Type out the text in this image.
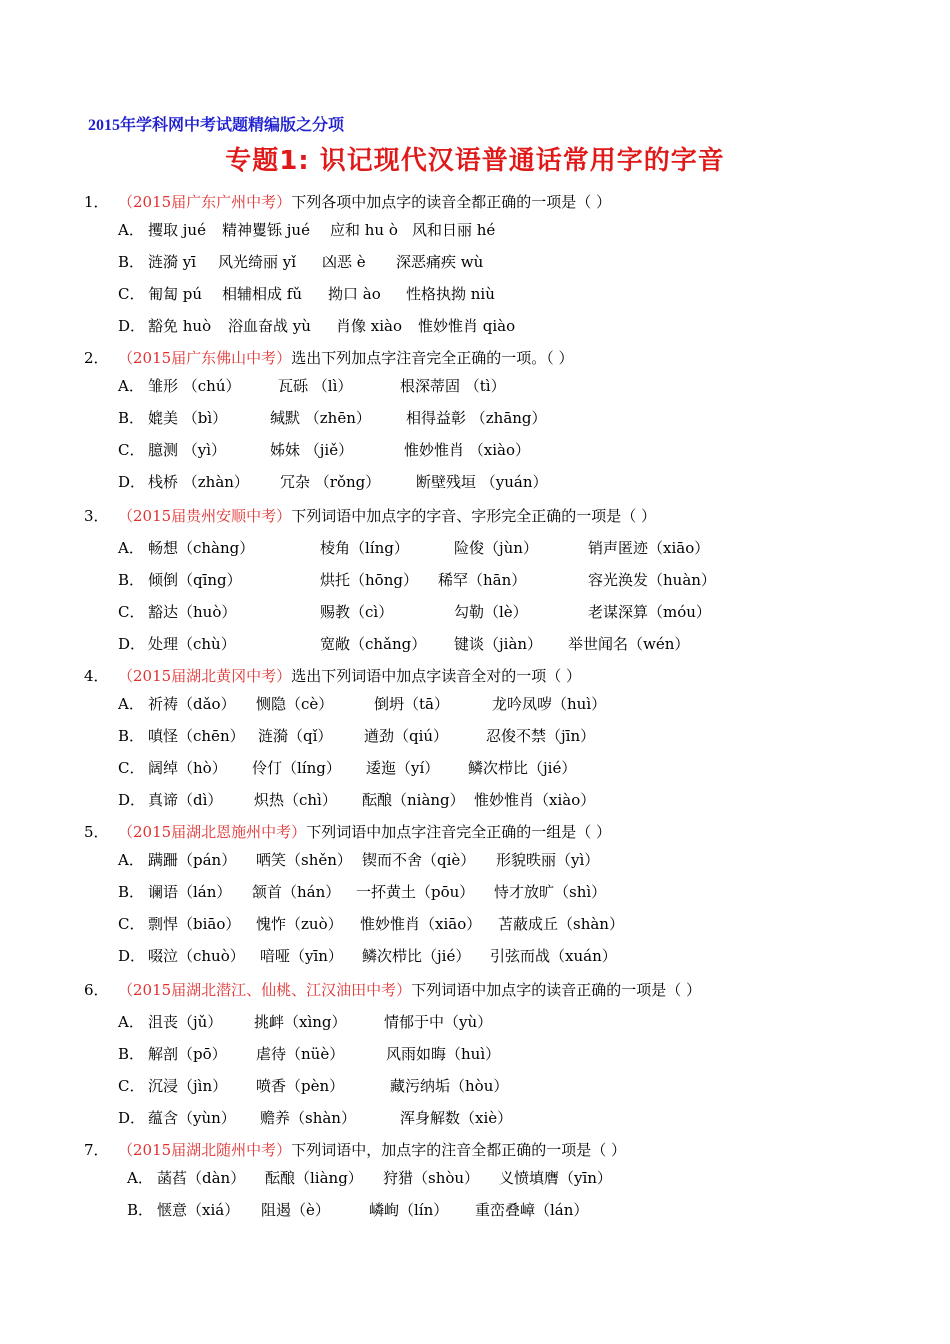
2015年学科网中考试题精编版之分项
专题1: 识记现代汉语普通话常用字的字音
1． （2015届广东广州中考）下列各项中加点字的读音全都正确的一项是（ ）
A． 攫取 jué 精神矍铄 jué 应和 hu ò 风和日丽 hé
B． 涟漪 yī 风光绮丽 yǐ 凶恶 è 深恶痛疾 wù
C． 匍匐 pú 相辅相成 fǔ 拗口 ào 性格执拗 niù
D． 豁免 huò 浴血奋战 yù 肖像 xiào 惟妙惟肖 qiào
2． （2015届广东佛山中考）选出下列加点字注音完全正确的一项。（ ）
A． 雏形 （chú）	瓦砾 （lì）	根深蒂固 （tì）
B． 媲美 （bì）	缄默 （zhēn） 相得益彰 （zhāng）
C． 臆测 （yì）	姊妹 （jiě）	惟妙惟肖 （xiào）
D． 栈桥 （zhàn） 冗杂 （rǒng） 断壁残垣 （yuán）
3． （2015届贵州安顺中考）下列词语中加点字的字音、字形完全正确的一项是（ ）
A． 畅想（chàng）	棱角（líng）	险俊（jùn）	销声匿迹（xiāo）
B． 倾倒（qīng）	烘托（hōng） 稀罕（hān）	容光涣发（huàn）
C． 豁达（huò）	赐教（cì）	勾勒（lè）	老谋深算（móu）
D． 处理（chù）	宽敞（chǎng） 键谈（jiàn） 举世闻名（wén）
4． （2015届湖北黄冈中考）选出下列词语中加点字读音全对的一项（ ）
A． 祈祷（dǎo） 恻隐（cè）	倒坍（tā）	龙吟凤哕（huì）
B． 嗔怪（chēn） 涟漪（qǐ） 遒劲（qiú）	忍俊不禁（jīn）
C． 阔绰（hò） 伶仃（líng） 逶迤（yí） 鳞次栉比（jié）
D． 真谛（dì） 炽热（chì） 酝酿（niàng） 惟妙惟肖（xiào）
5． （2015届湖北恩施州中考）下列词语中加点字注音完全正确的一组是（ ）
A． 蹒跚（pán） 哂笑（shěn） 锲而不舍（qiè） 形貌昳丽（yì）
B． 谰语（lán） 颔首（hán） 一抔黄土（pōu） 恃才放旷（shì）
C． 剽悍（biāo） 愧怍（zuò） 惟妙惟肖（xiāo） 苫蔽成丘（shàn）
D． 啜泣（chuò） 喑哑（yīn） 鳞次栉比（jié） 引弦而战（xuán）
6． （2015届湖北潜江、仙桃、江汉油田中考）下列词语中加点字的读音正确的一项是（ ）
A． 沮丧（jǔ） 挑衅（xìng） 情郁于中（yù）
B． 解剖（pō） 虐待（nüè）	风雨如晦（huì）
C． 沉浸（jìn） 喷香（pèn）	藏污纳垢（hòu）
D． 蕴含（yùn） 赡养（shàn）	浑身解数（xiè）
7． （2015届湖北随州中考）下列词语中，加点字的注音全都正确的一项是（ ）
A． 菡萏（dàn） 酝酿（liàng） 狩猎（shòu） 义愤填膺（yīn）
B． 惬意（xiá） 阻遏（è）	嶙峋（lín） 重峦叠嶂（lán）
